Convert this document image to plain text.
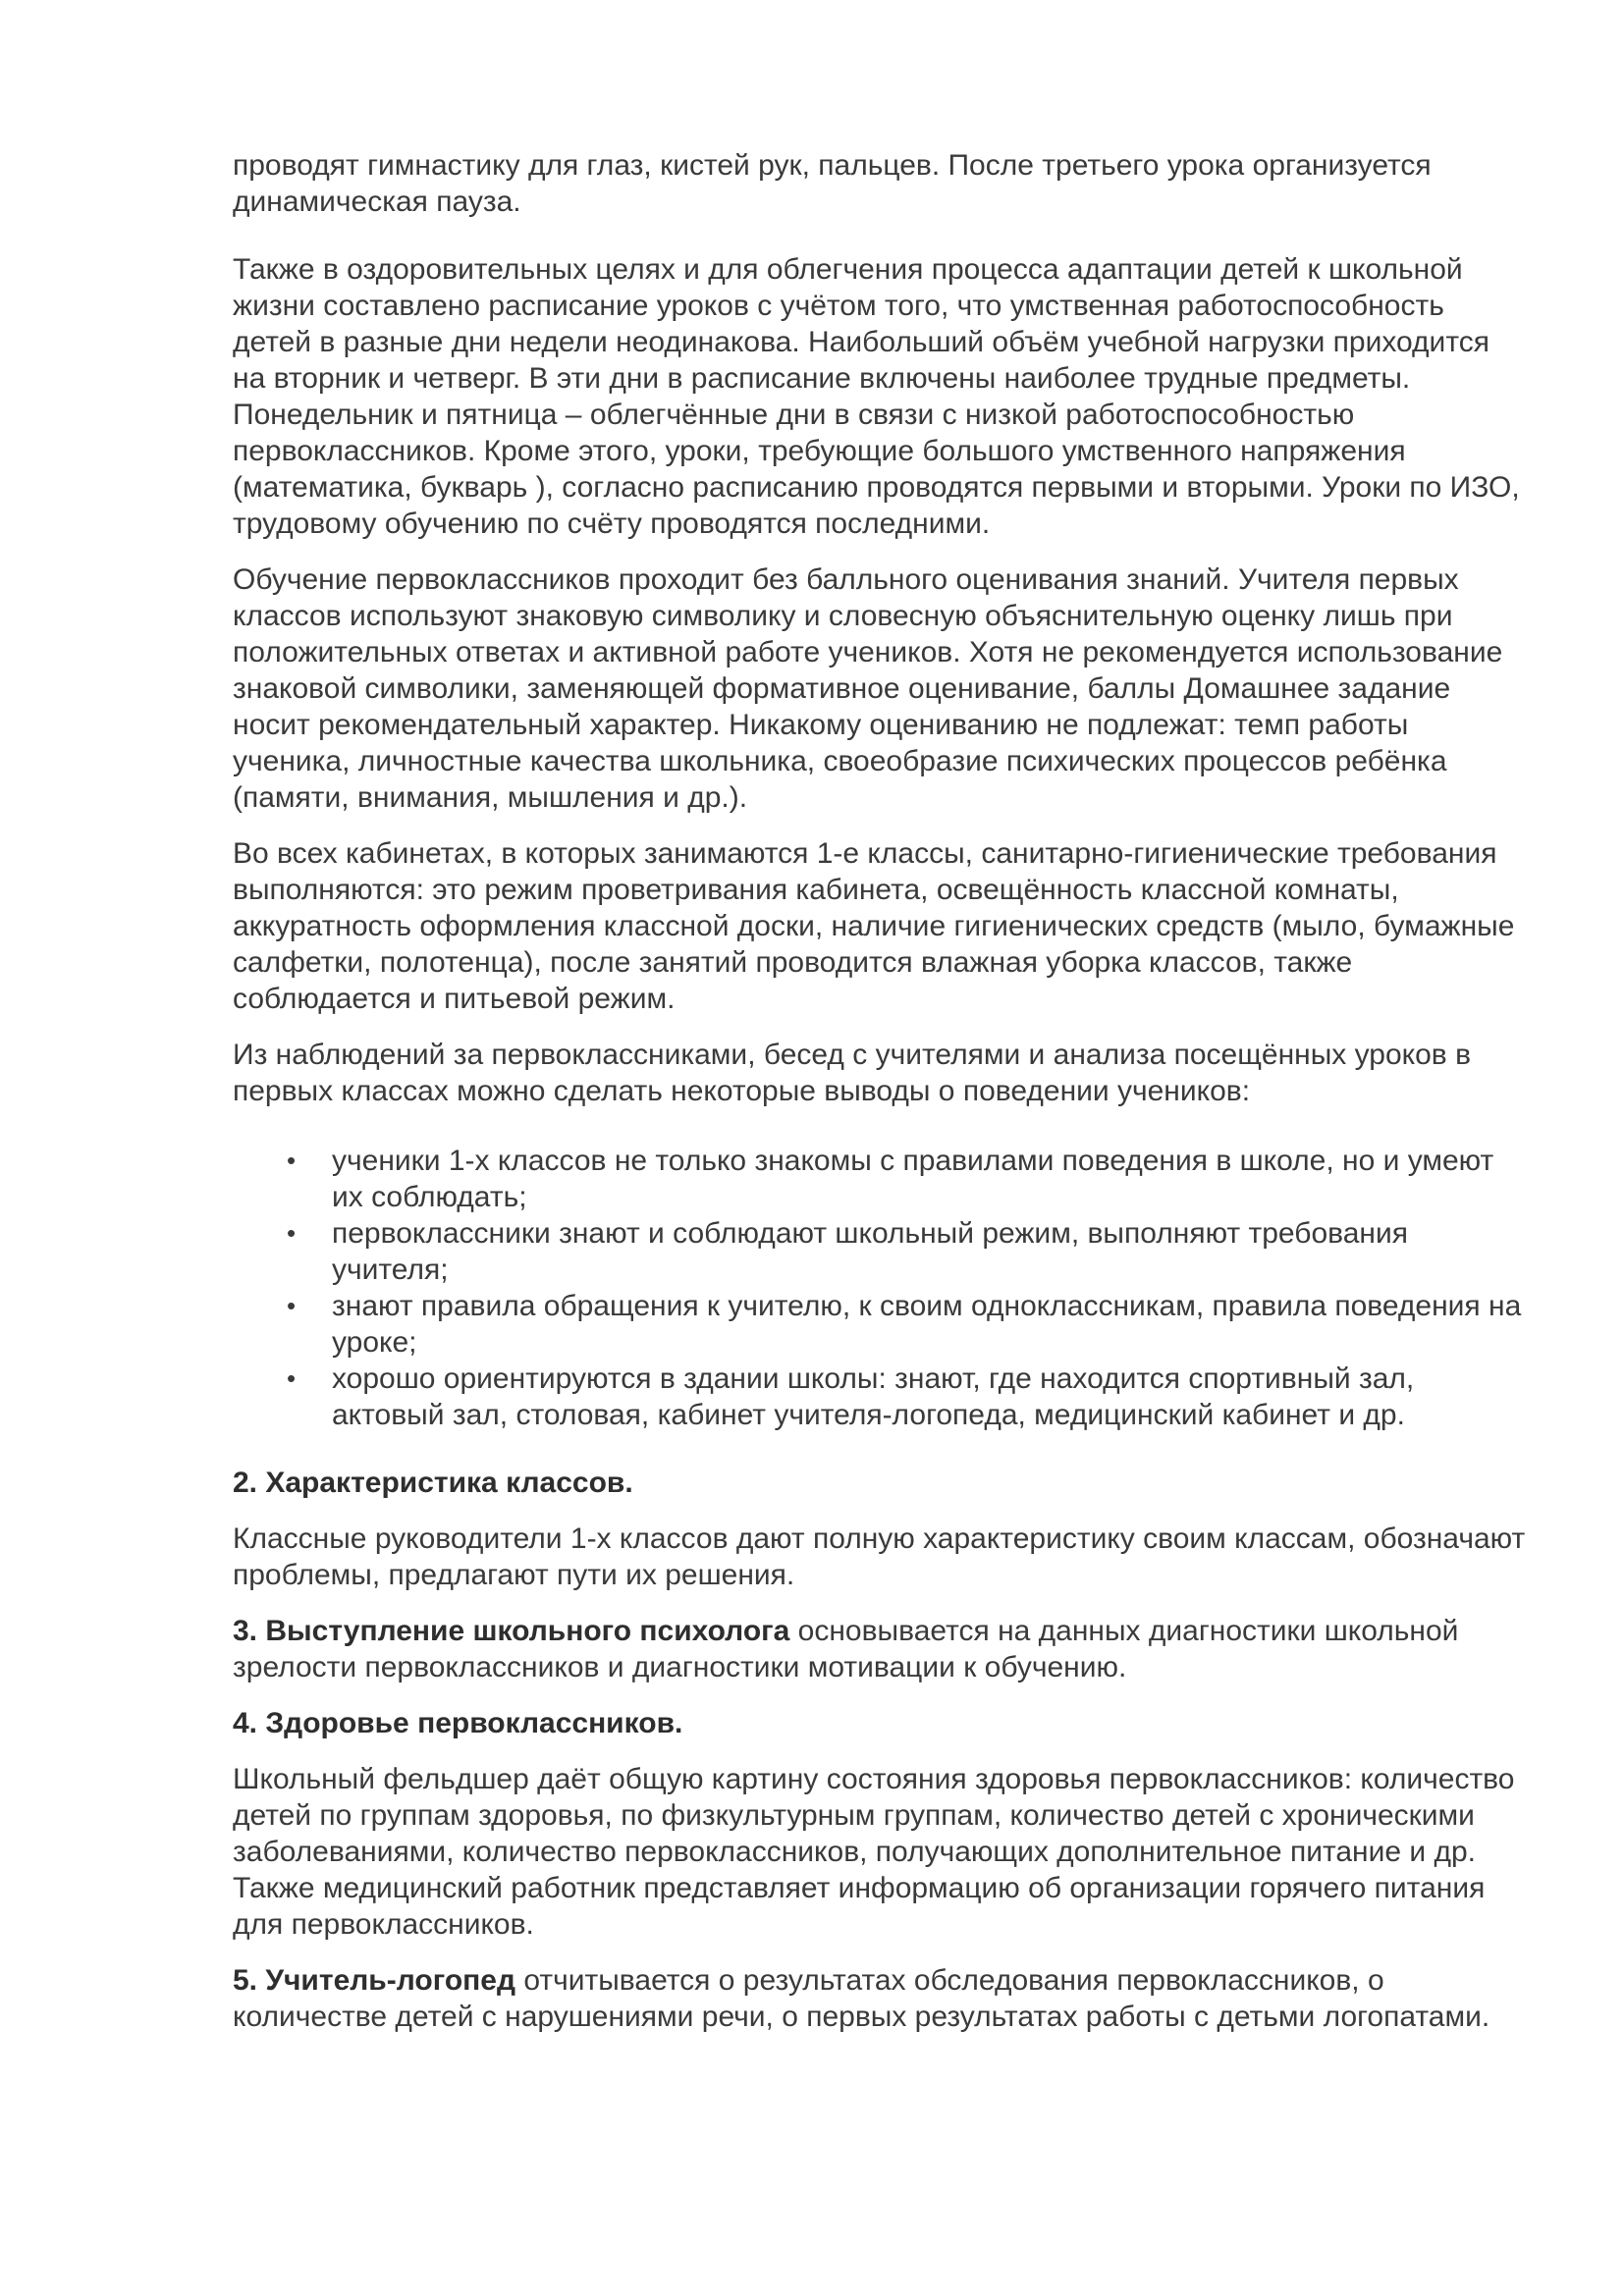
проводят гимнастику для глаз, кистей рук, пальцев. После третьего урока организуется динамическая пауза.

Также в оздоровительных целях и для облегчения процесса адаптации детей к школьной жизни составлено расписание уроков с учётом того, что умственная работоспособность детей в разные дни недели неодинакова. Наибольший объём учебной нагрузки приходится на вторник и четверг. В эти дни в расписание включены наиболее трудные предметы. Понедельник и пятница – облегчённые дни в связи с низкой работоспособностью первоклассников. Кроме этого, уроки, требующие большого умственного напряжения (математика, букварь ), согласно расписанию проводятся первыми и вторыми. Уроки по ИЗО, трудовому обучению по счёту проводятся последними.

Обучение первоклассников проходит без балльного оценивания знаний. Учителя первых классов используют знаковую символику и словесную объяснительную оценку лишь при положительных ответах и активной работе учеников. Хотя не рекомендуется использование знаковой символики, заменяющей формативное оценивание, баллы Домашнее задание носит рекомендательный характер. Никакому оцениванию не подлежат: темп работы ученика, личностные качества школьника, своеобразие психических процессов ребёнка (памяти, внимания, мышления и др.).

Во всех кабинетах, в которых занимаются 1-е классы, санитарно-гигиенические требования выполняются: это режим проветривания кабинета, освещённость классной комнаты, аккуратность оформления классной доски, наличие гигиенических средств (мыло, бумажные салфетки, полотенца), после занятий проводится влажная уборка классов, также соблюдается и питьевой режим.

Из наблюдений за первоклассниками, бесед с учителями и анализа посещённых уроков в первых классах можно сделать некоторые выводы о поведении учеников:

• ученики 1-х классов не только знакомы с правилами поведения в школе, но и умеют их соблюдать;
• первоклассники знают и соблюдают школьный режим, выполняют требования учителя;
• знают правила обращения к учителю, к своим одноклассникам, правила поведения на уроке;
• хорошо ориентируются в здании школы: знают, где находится спортивный зал, актовый зал, столовая, кабинет учителя-логопеда, медицинский кабинет и др.

2. Характеристика классов.

Классные руководители 1-х классов дают полную характеристику своим классам, обозначают проблемы, предлагают пути их решения.

3. Выступление школьного психолога основывается на данных диагностики школьной зрелости первоклассников и диагностики мотивации к обучению.

4. Здоровье первоклассников.

Школьный фельдшер даёт общую картину состояния здоровья первоклассников: количество детей по группам здоровья, по физкультурным группам, количество детей с хроническими заболеваниями, количество первоклассников, получающих дополнительное питание и др. Также медицинский работник представляет информацию об организации горячего питания для первоклассников.

5. Учитель-логопед отчитывается о результатах обследования первоклассников, о количестве детей с нарушениями речи, о первых результатах работы с детьми логопатами.
